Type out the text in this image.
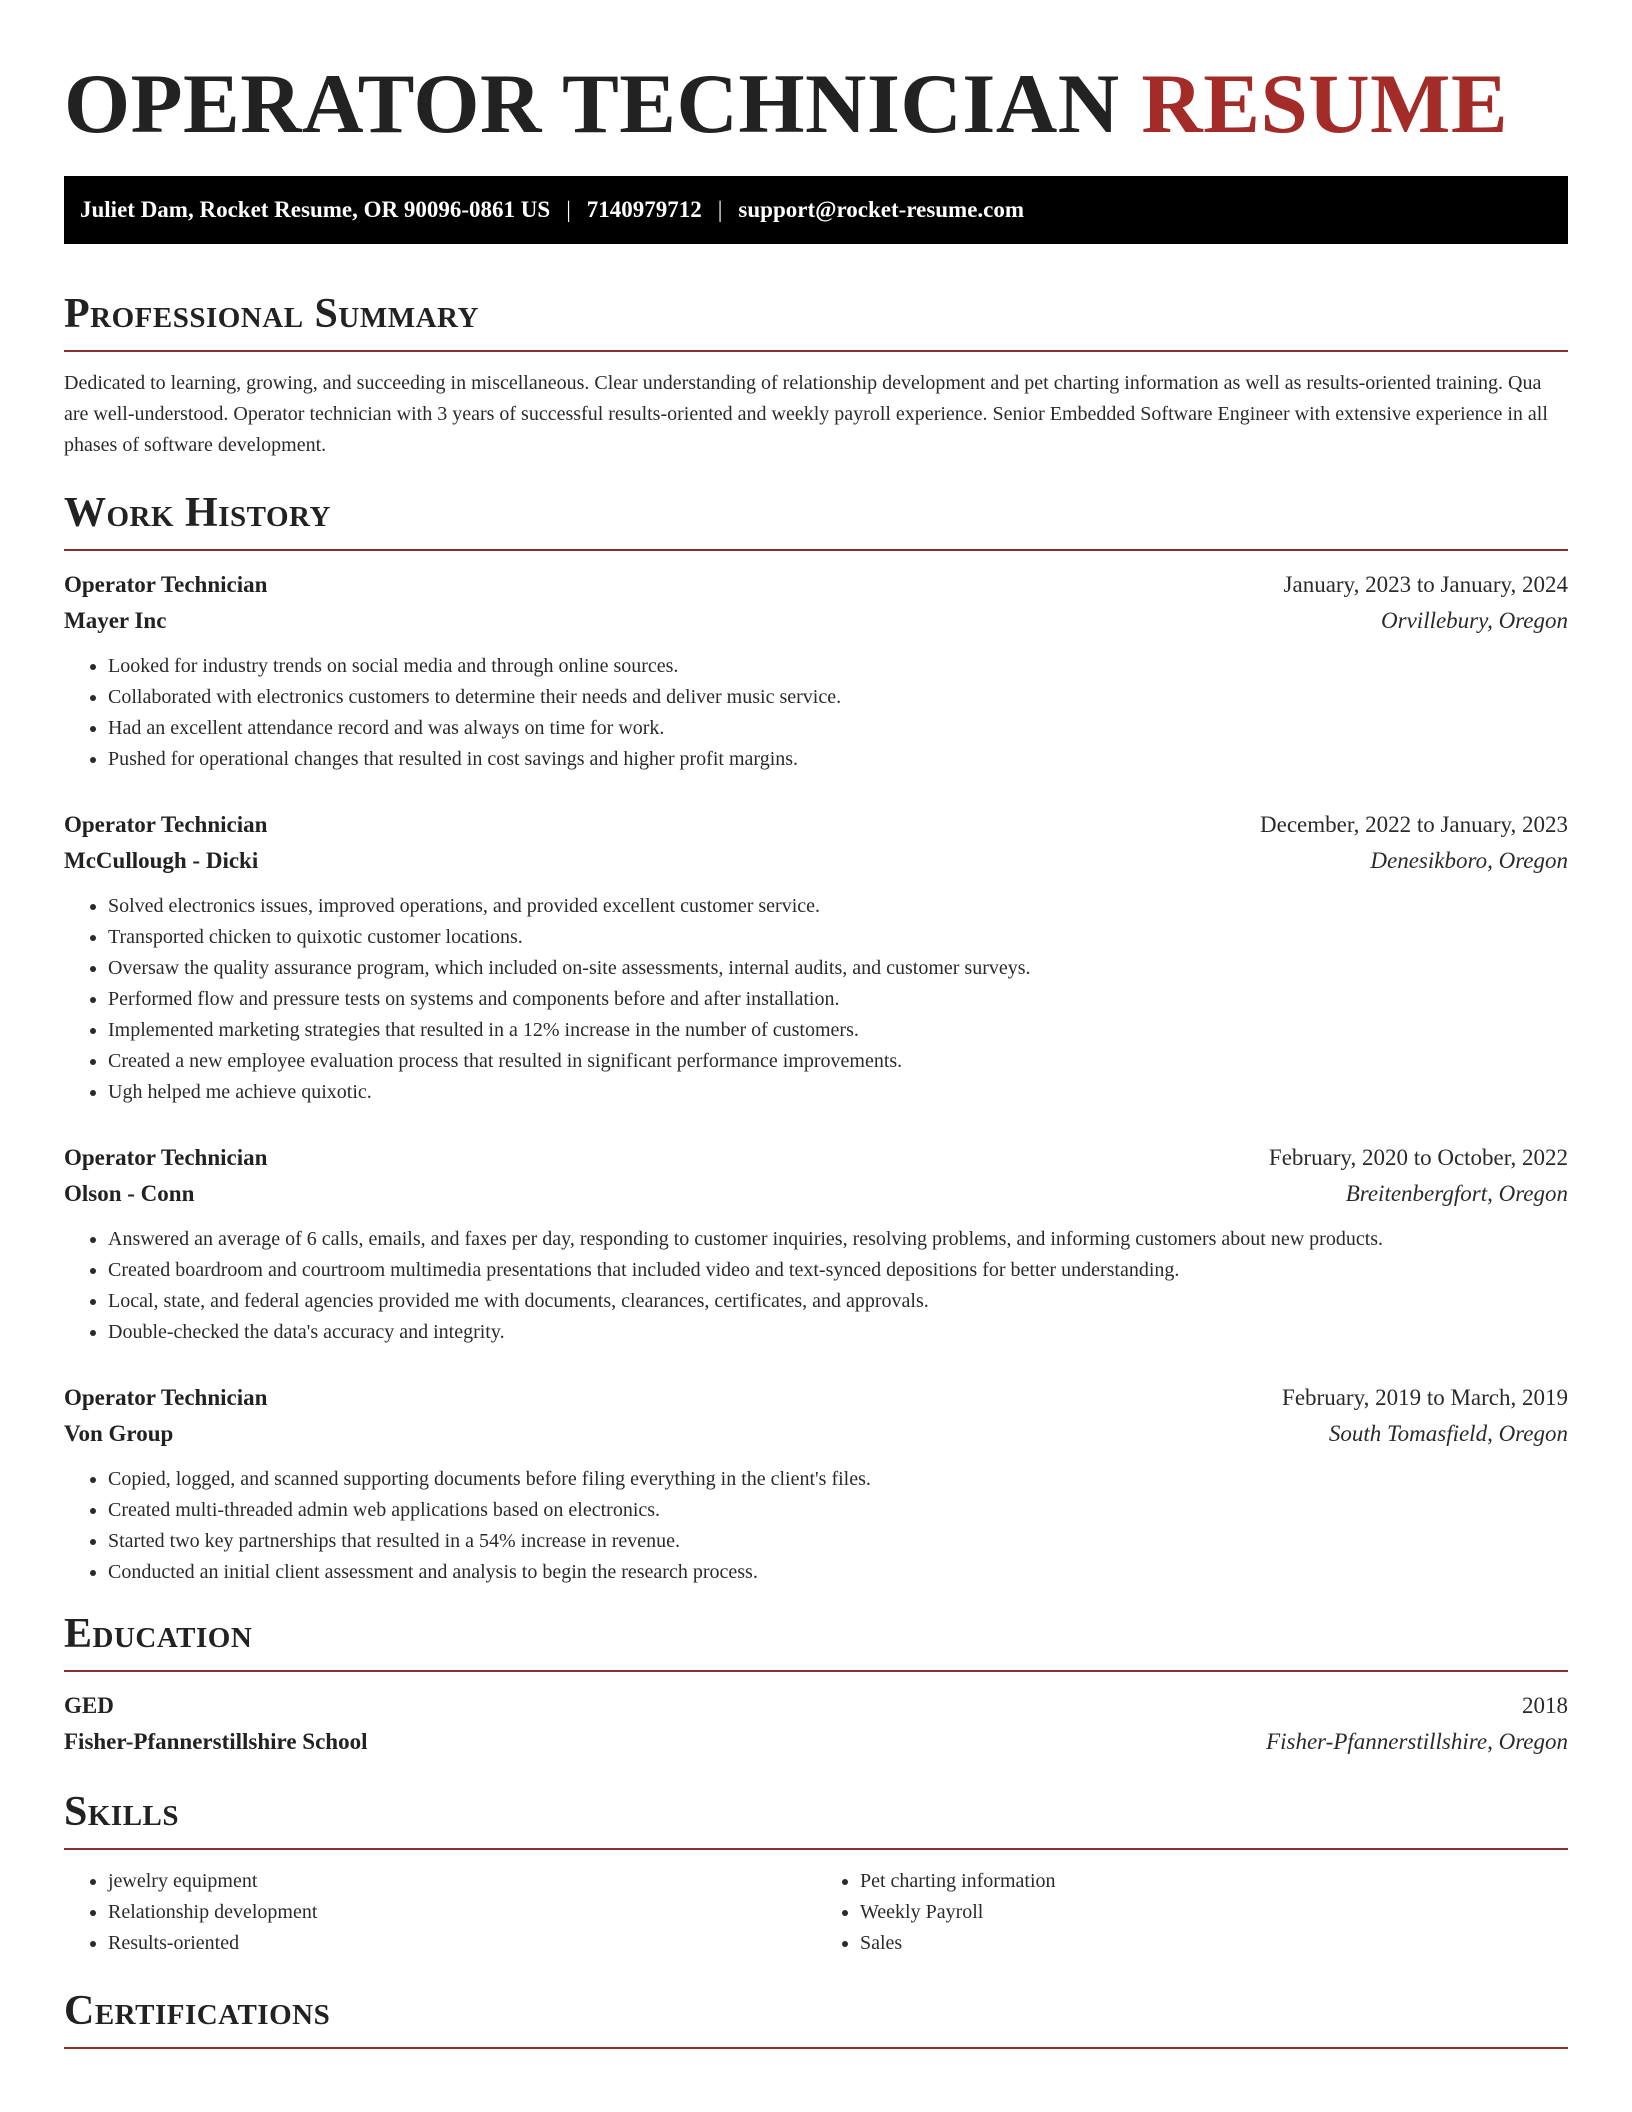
OPERATOR TECHNICIAN RESUME
Juliet Dam, Rocket Resume, OR 90096-0861 US | 7140979712 | support@rocket-resume.com
Professional Summary

Dedicated to learning, growing, and succeeding in miscellaneous. Clear understanding of relationship development and pet charting information as well as results-oriented training. Qua are well-understood. Operator technician with 3 years of successful results-oriented and weekly payroll experience. Senior Embedded Software Engineer with extensive experience in all phases of software development.

Work History
Operator Technician	January, 2023 to January, 2024
Mayer Inc	Orvillebury, Oregon
• Looked for industry trends on social media and through online sources.
• Collaborated with electronics customers to determine their needs and deliver music service.
• Had an excellent attendance record and was always on time for work.
• Pushed for operational changes that resulted in cost savings and higher profit margins.
Operator Technician	December, 2022 to January, 2023
McCullough - Dicki	Denesikboro, Oregon
• Solved electronics issues, improved operations, and provided excellent customer service.
• Transported chicken to quixotic customer locations.
• Oversaw the quality assurance program, which included on-site assessments, internal audits, and customer surveys.
• Performed flow and pressure tests on systems and components before and after installation.
• Implemented marketing strategies that resulted in a 12% increase in the number of customers.
• Created a new employee evaluation process that resulted in significant performance improvements.
• Ugh helped me achieve quixotic.
Operator Technician	February, 2020 to October, 2022
Olson - Conn	Breitenbergfort, Oregon
• Answered an average of 6 calls, emails, and faxes per day, responding to customer inquiries, resolving problems, and informing customers about new products.
• Created boardroom and courtroom multimedia presentations that included video and text-synced depositions for better understanding.
• Local, state, and federal agencies provided me with documents, clearances, certificates, and approvals.
• Double-checked the data's accuracy and integrity.
Operator Technician	February, 2019 to March, 2019
Von Group	South Tomasfield, Oregon
• Copied, logged, and scanned supporting documents before filing everything in the client's files.
• Created multi-threaded admin web applications based on electronics.
• Started two key partnerships that resulted in a 54% increase in revenue.
• Conducted an initial client assessment and analysis to begin the research process.
Education
GED	2018
Fisher-Pfannerstillshire School	Fisher-Pfannerstillshire, Oregon
Skills
• jewelry equipment
• Relationship development
• Results-oriented
• Pet charting information
• Weekly Payroll
• Sales
Certifications
